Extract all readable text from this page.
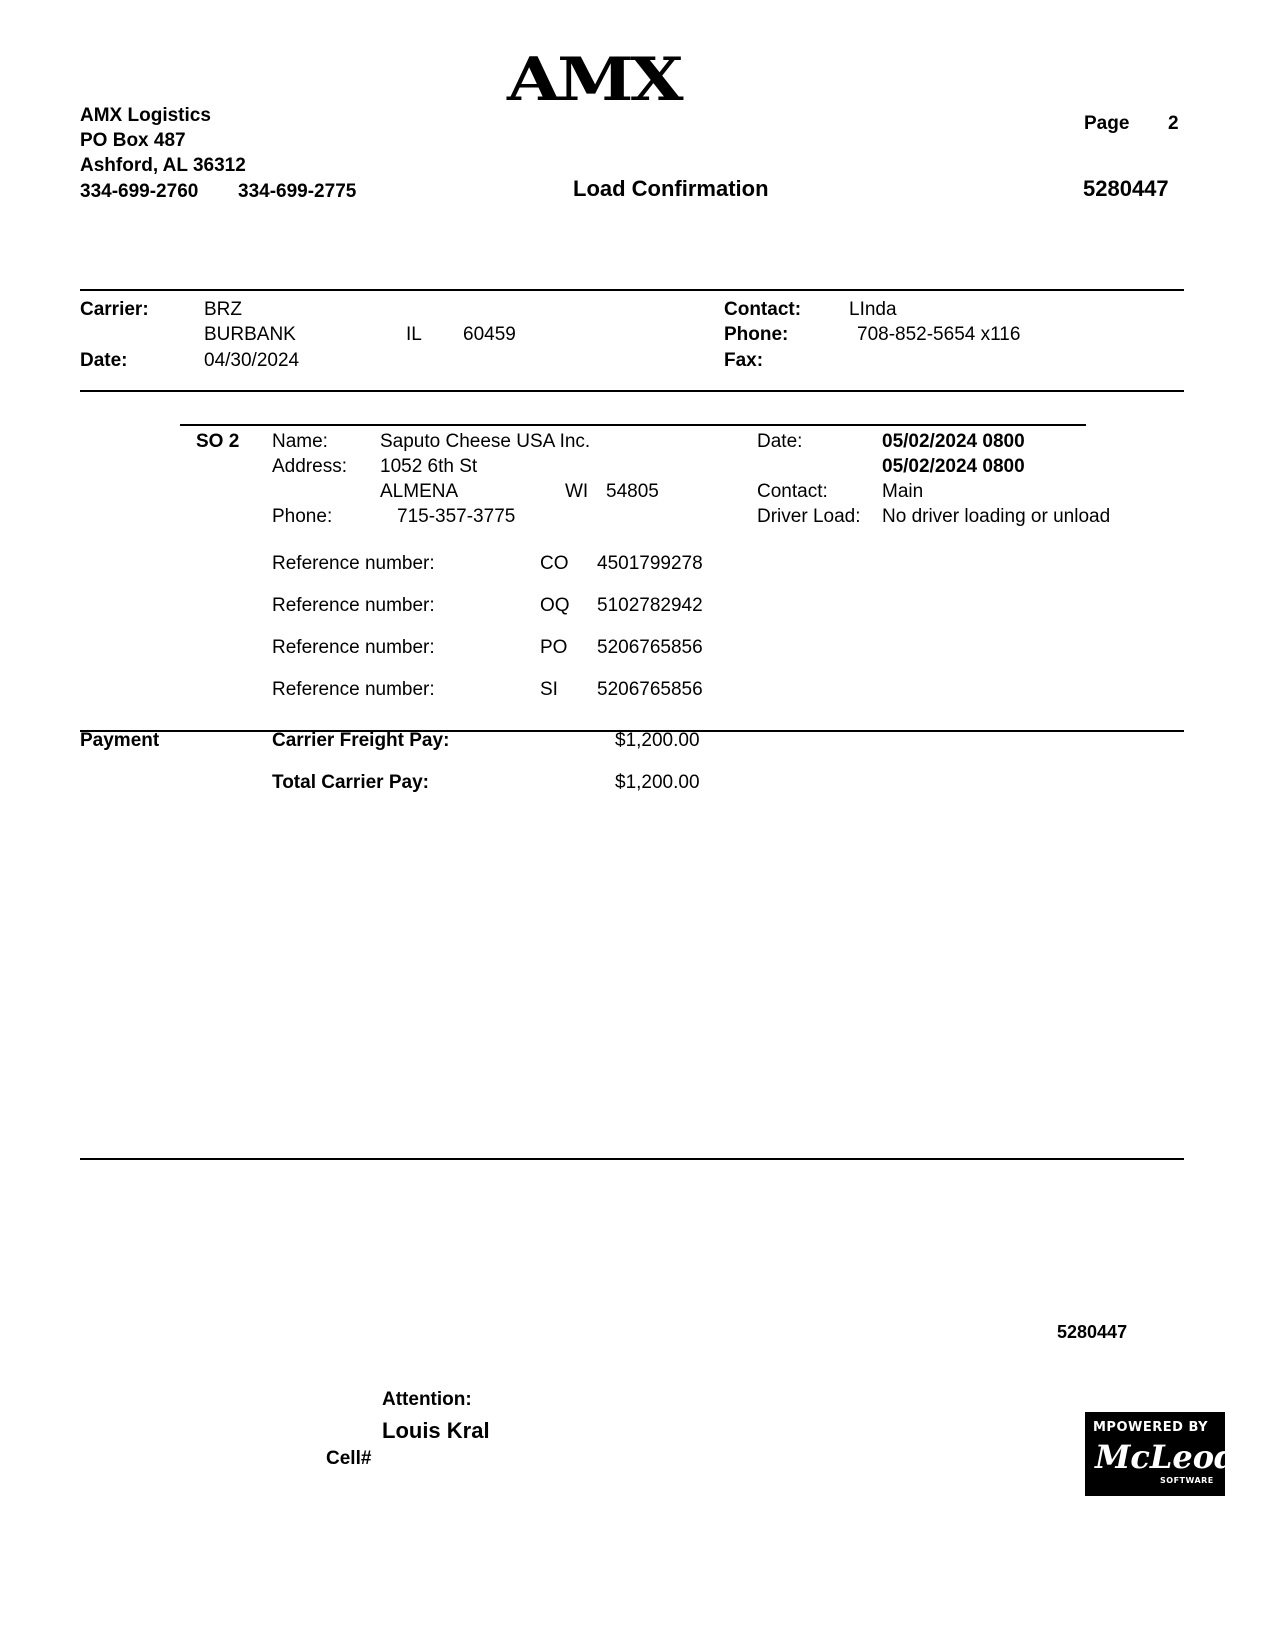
AMX
AMX Logistics
PO Box 487
Ashford, AL 36312
334-699-2760 334-699-2775
Page 2
Load Confirmation	5280447
Carrier:	BRZ
BURBANK	IL 60459
Date:	04/30/2024
Contact:	LInda
Phone:	708-852-5654 x116
Fax:
SO 2 Name:	Saputo Cheese USA Inc.
Address: 1052 6th St
ALMENA	WI 54805
Phone:	715-357-3775
Date:	05/02/2024 0800
05/02/2024 0800
Contact:	Main
Driver Load: No driver loading or unload
Reference number:	CO 4501799278
Reference number:	OQ 5102782942
Reference number:	PO 5206765856
Reference number:	SI 5206765856
Payment	Carrier Freight Pay:	$1,200.00
Total Carrier Pay:	$1,200.00
5280447
Attention:
Louis Kral
Cell#
MPOWERED BY
McLeod
SOFTWARE
